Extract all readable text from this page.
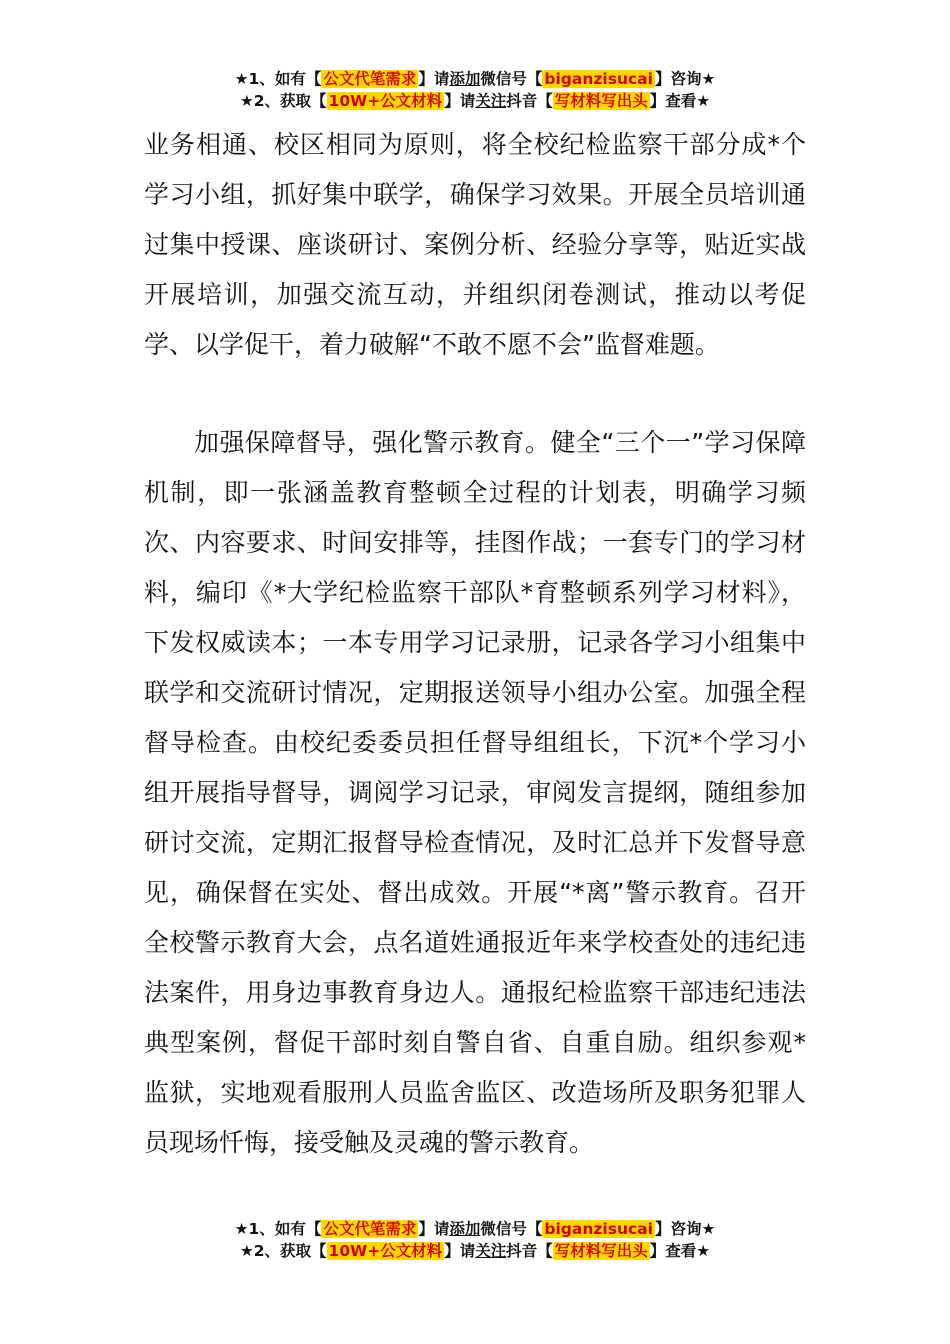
★1、如有【 公文代笔需求 】请添加微信号【 biganzisucai 】咨询★
★2、获取【 10W+公文材料 】请关注抖音【 写材料写出头 】查看★

业务相通、校区相同为原则，将全校纪检监察干部分成*个学习小组，抓好集中联学，确保学习效果。开展全员培训通过集中授课、座谈研讨、案例分析、经验分享等，贴近实战开展培训，加强交流互动，并组织闭卷测试，推动以考促学、以学促干，着力破解“不敢不愿不会”监督难题。

加强保障督导，强化警示教育。健全“三个一”学习保障机制，即一张涵盖教育整顿全过程的计划表，明确学习频次、内容要求、时间安排等，挂图作战；一套专门的学习材料，编印《*大学纪检监察干部队*育整顿系列学习材料》，下发权威读本；一本专用学习记录册，记录各学习小组集中联学和交流研讨情况，定期报送领导小组办公室。加强全程督导检查。由校纪委委员担任督导组组长，下沉*个学习小组开展指导督导，调阅学习记录，审阅发言提纲，随组参加研讨交流，定期汇报督导检查情况，及时汇总并下发督导意见，确保督在实处、督出成效。开展“*离”警示教育。召开全校警示教育大会，点名道姓通报近年来学校查处的违纪违法案件，用身边事教育身边人。通报纪检监察干部违纪违法典型案例，督促干部时刻自警自省、自重自励。组织参观*监狱，实地观看服刑人员监舍监区、改造场所及职务犯罪人员现场忏悔，接受触及灵魂的警示教育。

★1、如有【 公文代笔需求 】请添加微信号【 biganzisucai 】咨询★
★2、获取【 10W+公文材料 】请关注抖音【 写材料写出头 】查看★
